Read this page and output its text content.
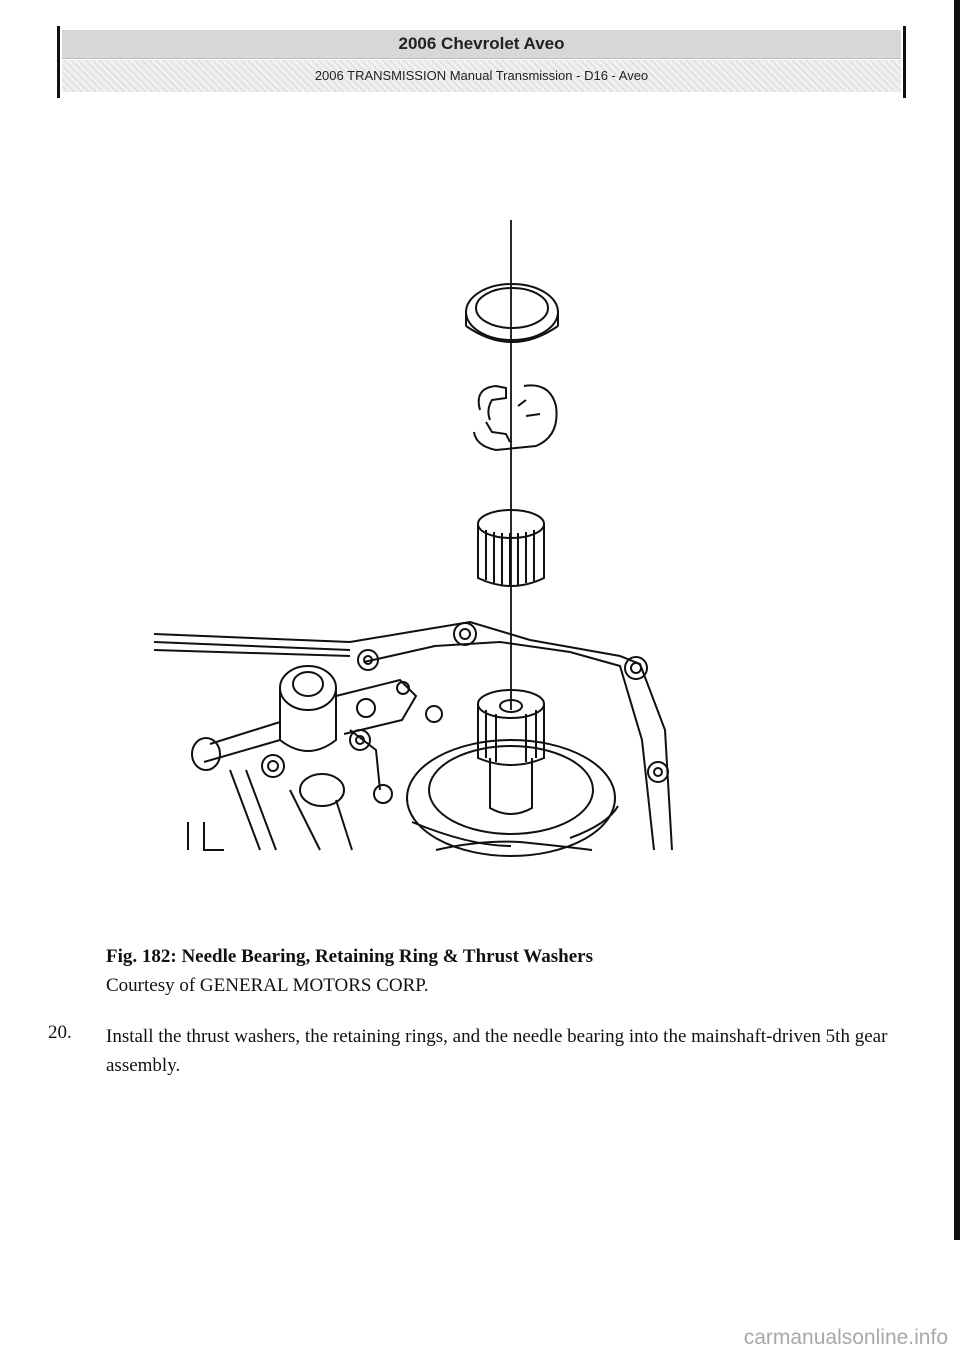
2006 Chevrolet Aveo
2006 TRANSMISSION Manual Transmission - D16 - Aveo
Fig. 182: Needle Bearing, Retaining Ring & Thrust Washers
Courtesy of GENERAL MOTORS CORP.
20. Install the thrust washers, the retaining rings, and the needle bearing into the mainshaft-driven 5th gear assembly.
carmanualsonline.info
